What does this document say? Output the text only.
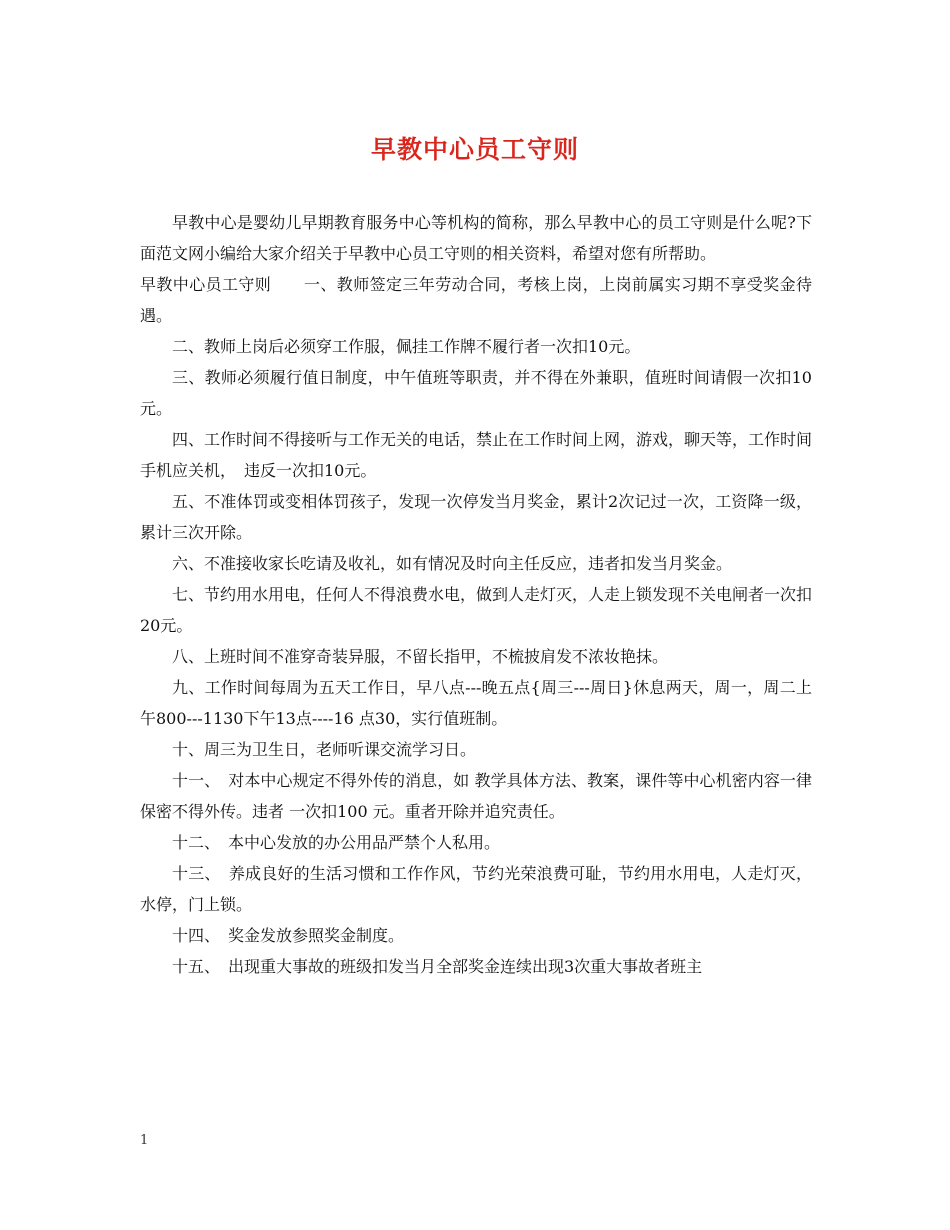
早教中心员工守则

早教中心是婴幼儿早期教育服务中心等机构的简称，那么早教中心的员工守则是什么呢?下面范文网小编给大家介绍关于早教中心员工守则的相关资料，希望对您有所帮助。

早教中心员工守则　　一、教师签定三年劳动合同，考核上岗，上岗前属实习期不享受奖金待遇。

二、教师上岗后必须穿工作服，佩挂工作牌不履行者一次扣10元。

三、教师必须履行值日制度，中午值班等职责，并不得在外兼职，值班时间请假一次扣10元。

四、工作时间不得接听与工作无关的电话，禁止在工作时间上网，游戏，聊天等，工作时间手机应关机，　违反一次扣10元。

五、不准体罚或变相体罚孩子，发现一次停发当月奖金，累计2次记过一次，工资降一级，累计三次开除。

六、不准接收家长吃请及收礼，如有情况及时向主任反应，违者扣发当月奖金。

七、节约用水用电，任何人不得浪费水电，做到人走灯灭，人走上锁发现不关电闸者一次扣20元。

八、上班时间不准穿奇装异服，不留长指甲，不梳披肩发不浓妆艳抹。

九、工作时间每周为五天工作日，早八点---晚五点{周三---周日}休息两天，周一，周二上午800---1130下午13点----16 点30，实行值班制。

十、周三为卫生日，老师听课交流学习日。

十一、　对本中心规定不得外传的消息，如 教学具体方法、教案，课件等中心机密内容一律保密不得外传。违者 一次扣100 元。重者开除并追究责任。

十二、　本中心发放的办公用品严禁个人私用。

十三、　养成良好的生活习惯和工作作风，节约光荣浪费可耻，节约用水用电，人走灯灭，水停，门上锁。

十四、　奖金发放参照奖金制度。

十五、　出现重大事故的班级扣发当月全部奖金连续出现3次重大事故者班主

1
